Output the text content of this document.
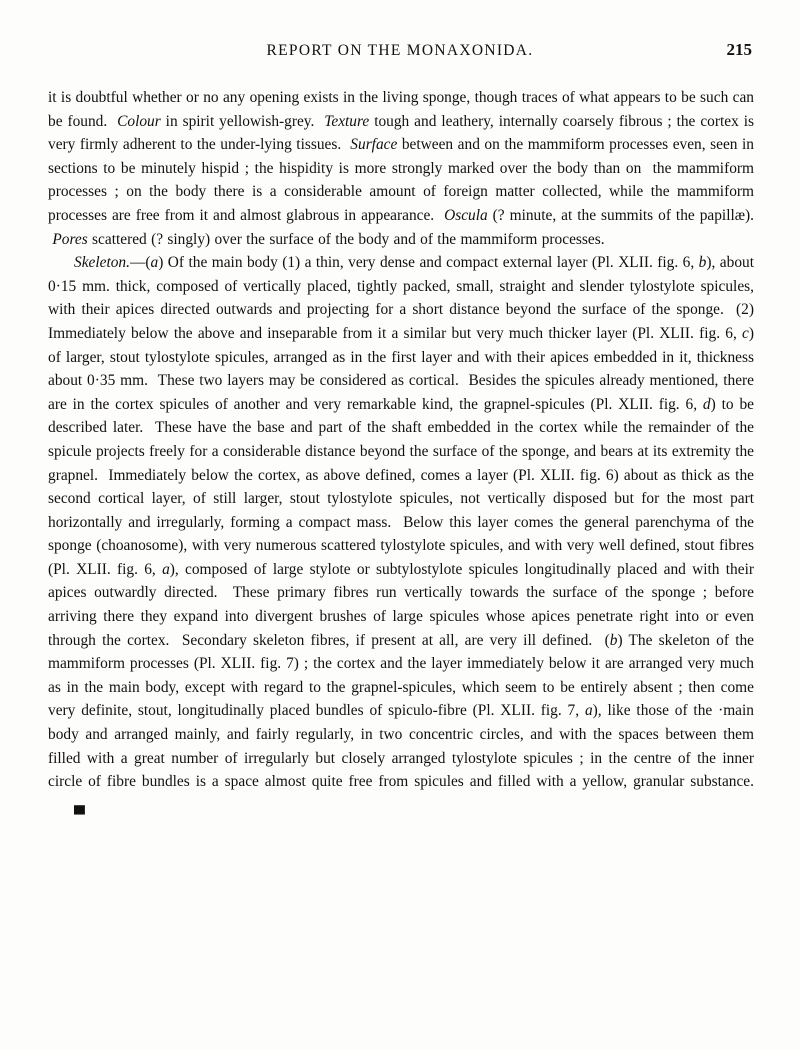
REPORT ON THE MONAXONIDA.	215

it is doubtful whether or no any opening exists in the living sponge, though traces of what appears to be such can be found.  Colour in spirit yellowish-grey.  Texture tough and leathery, internally coarsely fibrous ; the cortex is very firmly adherent to the under-lying tissues.  Surface between and on the mammiform processes even, seen in sections to be minutely hispid ; the hispidity is more strongly marked over the body than on  the mammiform processes ; on the body there is a considerable amount of foreign matter collected, while the mammiform processes are free from it and almost glabrous in appearance.  Oscula (? minute, at the summits of the papillæ).  Pores scattered (? singly) over the surface of the body and of the mammiform processes.

Skeleton.—(a) Of the main body (1) a thin, very dense and compact external layer (Pl. XLII. fig. 6, b), about 0·15 mm. thick, composed of vertically placed, tightly packed, small, straight and slender tylostylote spicules, with their apices directed outwards and projecting for a short distance beyond the surface of the sponge.  (2) Immediately below the above and inseparable from it a similar but very much thicker layer (Pl. XLII. fig. 6, c) of larger, stout tylostylote spicules, arranged as in the first layer and with their apices embedded in it, thickness about 0·35 mm.  These two layers may be considered as cortical.  Besides the spicules already mentioned, there are in the cortex spicules of another and very remarkable kind, the grapnel-spicules (Pl. XLII. fig. 6, d) to be described later.  These have the base and part of the shaft embedded in the cortex while the remainder of the spicule projects freely for a considerable distance beyond the surface of the sponge, and bears at its extremity the grapnel.  Immediately below the cortex, as above defined, comes a layer (Pl. XLII. fig. 6) about as thick as the second cortical layer, of still larger, stout tylostylote spicules, not vertically disposed but for the most part horizontally and irregularly, forming a compact mass.  Below this layer comes the general parenchyma of the sponge (choanosome), with very numerous scattered tylostylote spicules, and with very well defined, stout fibres (Pl. XLII. fig. 6, a), composed of large stylote or subtylostylote spicules longitudinally placed and with their apices outwardly directed.  These primary fibres run vertically towards the surface of the sponge ; before arriving there they expand into divergent brushes of large spicules whose apices penetrate right into or even through the cortex.  Secondary skeleton fibres, if present at all, are very ill defined.  (b) The skeleton of the mammiform processes (Pl. XLII. fig. 7) ; the cortex and the layer immediately below it are arranged very much as in the main body, except with regard to the grapnel-spicules, which seem to be entirely absent ; then come very definite, stout, longitudinally placed bundles of spiculo-fibre (Pl. XLII. fig. 7, a), like those of the ·main body and arranged mainly, and fairly regularly, in two concentric circles, and with the spaces between them filled with a great number of irregularly but closely arranged tylostylote spicules ; in the centre of the inner circle of fibre bundles is a space almost quite free from spicules and filled with a yellow, granular substance.▄
